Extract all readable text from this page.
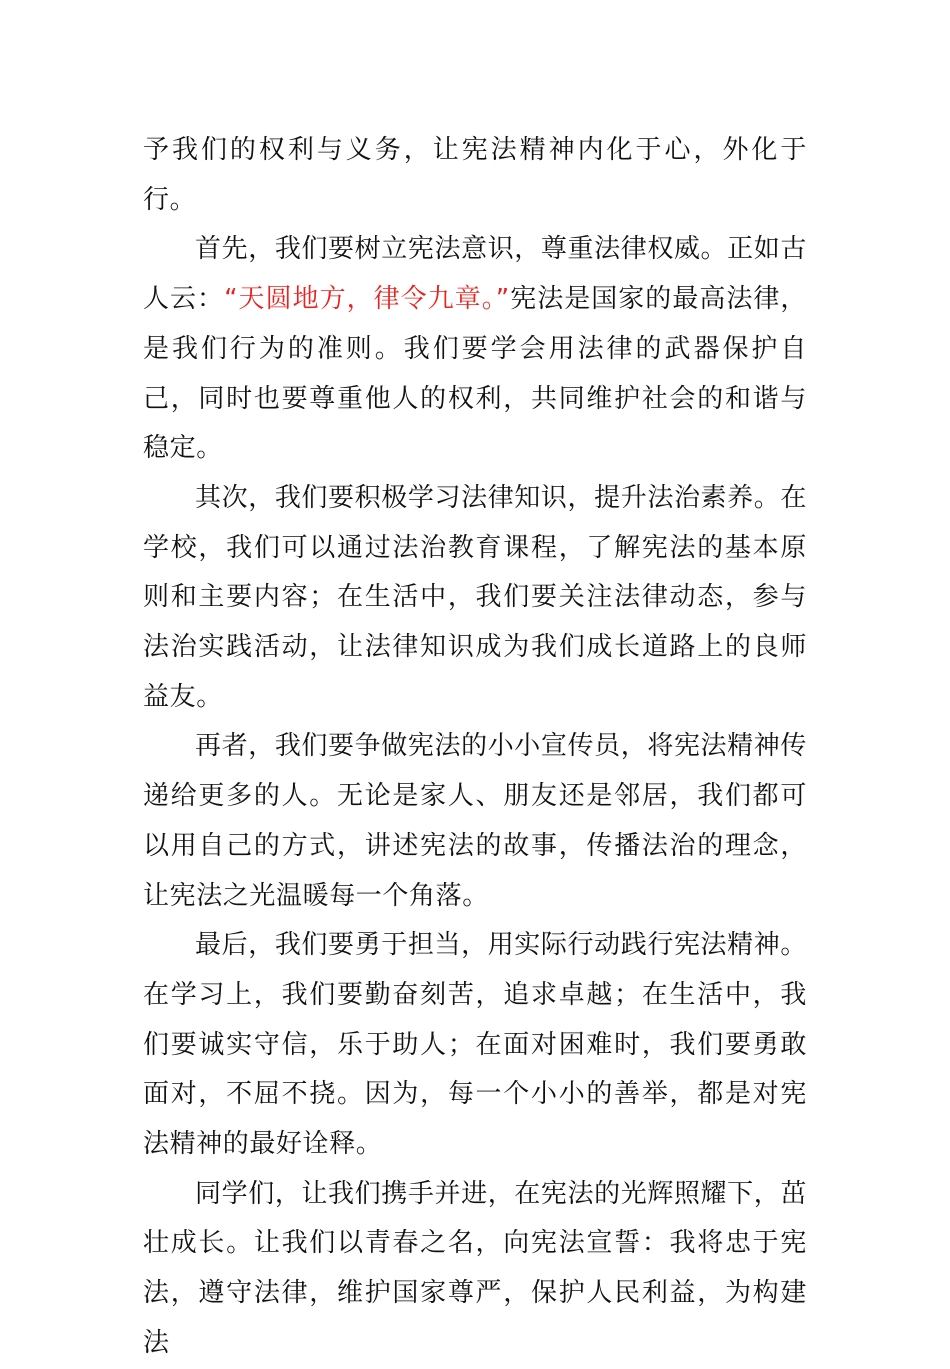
予我们的权利与义务，让宪法精神内化于心，外化于行。

首先，我们要树立宪法意识，尊重法律权威。正如古人云：“天圆地方，律令九章。”宪法是国家的最高法律，是我们行为的准则。我们要学会用法律的武器保护自己，同时也要尊重他人的权利，共同维护社会的和谐与稳定。

其次，我们要积极学习法律知识，提升法治素养。在学校，我们可以通过法治教育课程，了解宪法的基本原则和主要内容；在生活中，我们要关注法律动态，参与法治实践活动，让法律知识成为我们成长道路上的良师益友。

再者，我们要争做宪法的小小宣传员，将宪法精神传递给更多的人。无论是家人、朋友还是邻居，我们都可以用自己的方式，讲述宪法的故事，传播法治的理念，让宪法之光温暖每一个角落。

最后，我们要勇于担当，用实际行动践行宪法精神。在学习上，我们要勤奋刻苦，追求卓越；在生活中，我们要诚实守信，乐于助人；在面对困难时，我们要勇敢面对，不屈不挠。因为，每一个小小的善举，都是对宪法精神的最好诠释。

同学们，让我们携手并进，在宪法的光辉照耀下，茁壮成长。让我们以青春之名，向宪法宣誓：我将忠于宪法，遵守法律，维护国家尊严，保护人民利益，为构建法
